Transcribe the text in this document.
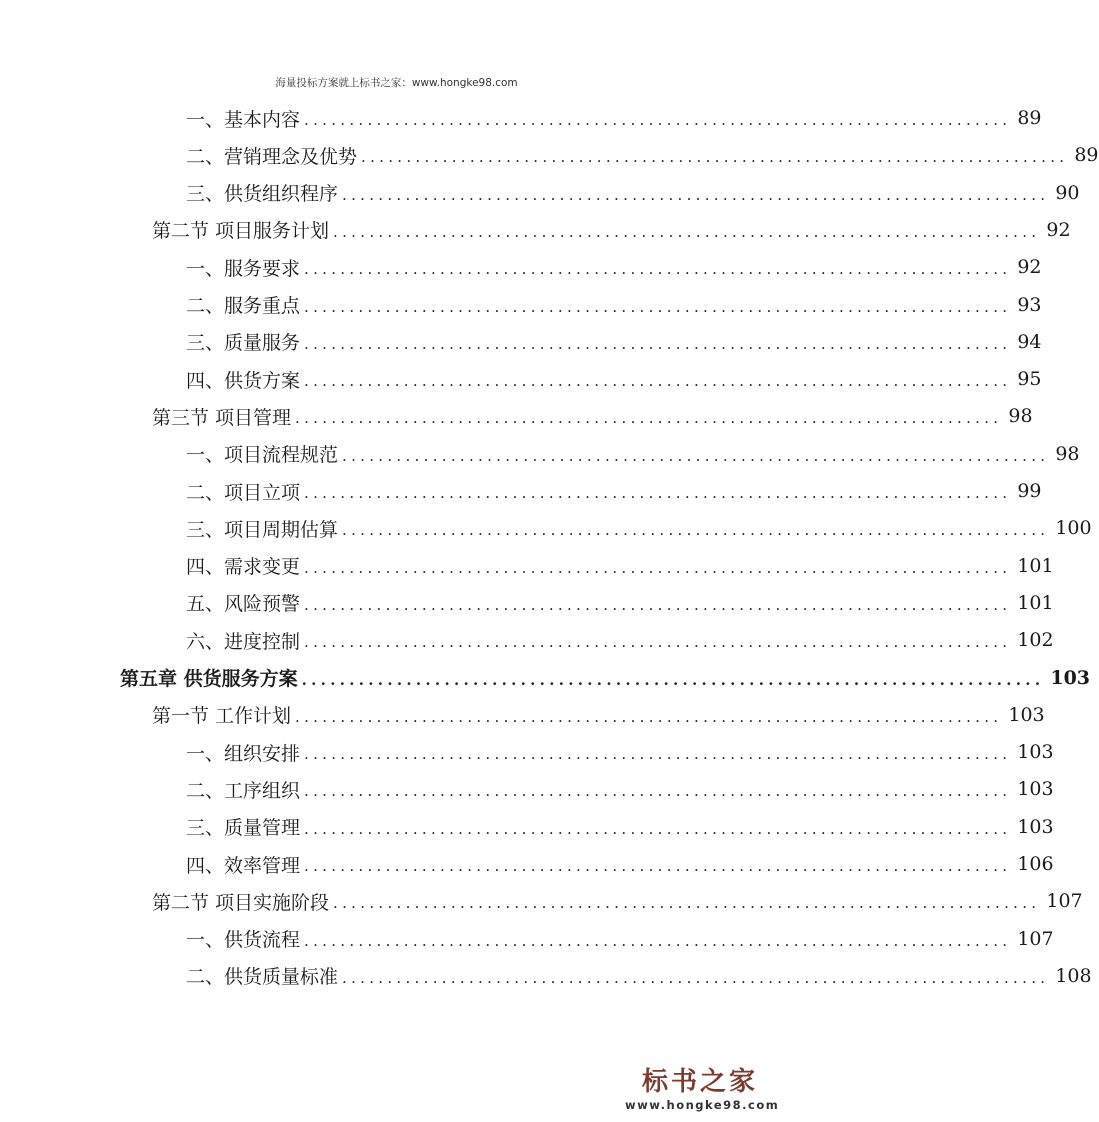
海量投标方案就上标书之家：www.hongke98.com
一、基本内容 .............................................................................. 89
二、营销理念及优势 .............................................................................. 89
三、供货组织程序 .............................................................................. 90
第二节 项目服务计划 .............................................................................. 92
一、服务要求 .............................................................................. 92
二、服务重点 .............................................................................. 93
三、质量服务 .............................................................................. 94
四、供货方案 .............................................................................. 95
第三节 项目管理 .............................................................................. 98
一、项目流程规范 .............................................................................. 98
二、项目立项 .............................................................................. 99
三、项目周期估算 .............................................................................. 100
四、需求变更 .............................................................................. 101
五、风险预警 .............................................................................. 101
六、进度控制 .............................................................................. 102
第五章 供货服务方案 .............................................................................. 103
第一节 工作计划 .............................................................................. 103
一、组织安排 .............................................................................. 103
二、工序组织 .............................................................................. 103
三、质量管理 .............................................................................. 103
四、效率管理 .............................................................................. 106
第二节 项目实施阶段 .............................................................................. 107
一、供货流程 .............................................................................. 107
二、供货质量标准 .............................................................................. 108
标书之家
www.hongke98.com
